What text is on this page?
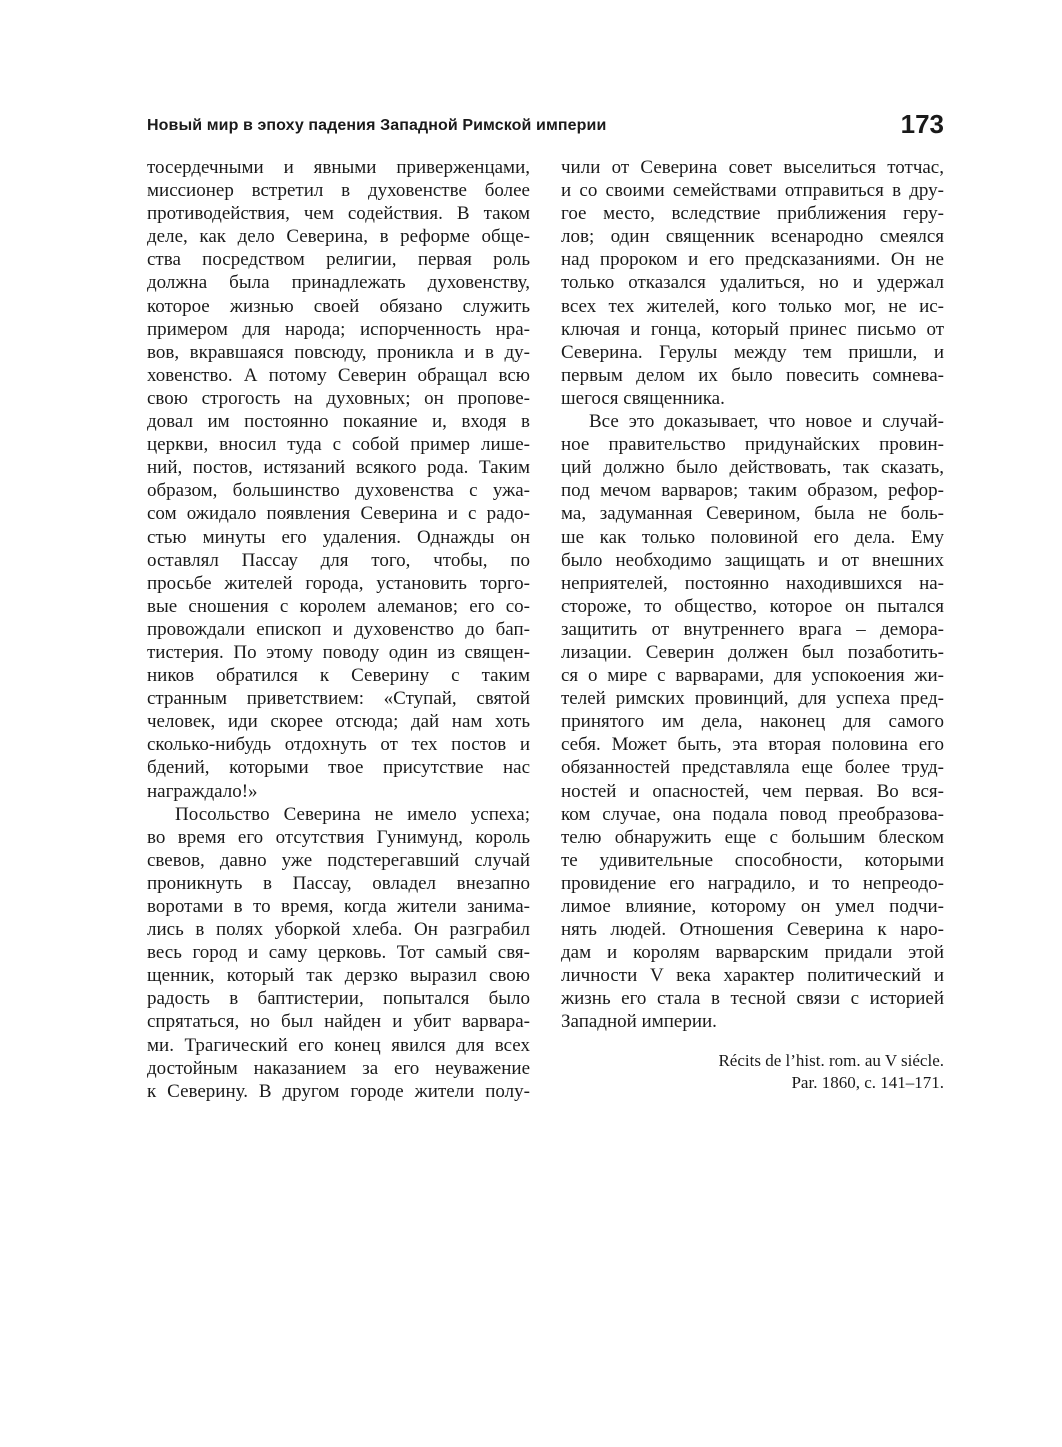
Новый мир в эпоху падения Западной Римской империи	173
тосердечными и явными приверженцами,
миссионер встретил в духовенстве более
противодействия, чем содействия. В таком
деле, как дело Северина, в реформе обще-
ства посредством религии, первая роль
должна была принадлежать духовенству,
которое жизнью своей обязано служить
примером для народа; испорченность нра-
вов, вкравшаяся повсюду, проникла и в ду-
ховенство. А потому Северин обращал всю
свою строгость на духовных; он пропове-
довал им постоянно покаяние и, входя в
церкви, вносил туда с собой пример лише-
ний, постов, истязаний всякого рода. Таким
образом, большинство духовенства с ужа-
сом ожидало появления Северина и с радо-
стью минуты его удаления. Однажды он
оставлял Пассау для того, чтобы, по
просьбе жителей города, установить торго-
вые сношения с королем алеманов; его со-
провождали епископ и духовенство до бап-
тистерия. По этому поводу один из священ-
ников обратился к Северину с таким
странным приветствием: «Ступай, святой
человек, иди скорее отсюда; дай нам хоть
сколько-нибудь отдохнуть от тех постов и
бдений, которыми твое присутствие нас
награждало!»
Посольство Северина не имело успеха;
во время его отсутствия Гунимунд, король
свевов, давно уже подстерегавший случай
проникнуть в Пассау, овладел внезапно
воротами в то время, когда жители занима-
лись в полях уборкой хлеба. Он разграбил
весь город и саму церковь. Тот самый свя-
щенник, который так дерзко выразил свою
радость в баптистерии, попытался было
спрятаться, но был найден и убит варвара-
ми. Трагический его конец явился для всех
достойным наказанием за его неуважение
к Северину. В другом городе жители полу-
чили от Северина совет выселиться тотчас,
и со своими семействами отправиться в дру-
гое место, вследствие приближения геру-
лов; один священник всенародно смеялся
над пророком и его предсказаниями. Он не
только отказался удалиться, но и удержал
всех тех жителей, кого только мог, не ис-
ключая и гонца, который принес письмо от
Северина. Герулы между тем пришли, и
первым делом их было повесить сомнева-
шегося священника.
Все это доказывает, что новое и случай-
ное правительство придунайских провин-
ций должно было действовать, так сказать,
под мечом варваров; таким образом, рефор-
ма, задуманная Северином, была не боль-
ше как только половиной его дела. Ему
было необходимо защищать и от внешних
неприятелей, постоянно находившихся на-
стороже, то общество, которое он пытался
защитить от внутреннего врага – демора-
лизации. Северин должен был позаботить-
ся о мире с варварами, для успокоения жи-
телей римских провинций, для успеха пред-
принятого им дела, наконец для самого
себя. Может быть, эта вторая половина его
обязанностей представляла еще более труд-
ностей и опасностей, чем первая. Во вся-
ком случае, она подала повод преобразова-
телю обнаружить еще с большим блеском
те удивительные способности, которыми
провидение его наградило, и то непреодо-
лимое влияние, которому он умел подчи-
нять людей. Отношения Северина к наро-
дам и королям варварским придали этой
личности V века характер политический и
жизнь его стала в тесной связи с историей
Западной империи.
Récits de l’hist. rom. au V siécle.
Par. 1860, c. 141–171.
